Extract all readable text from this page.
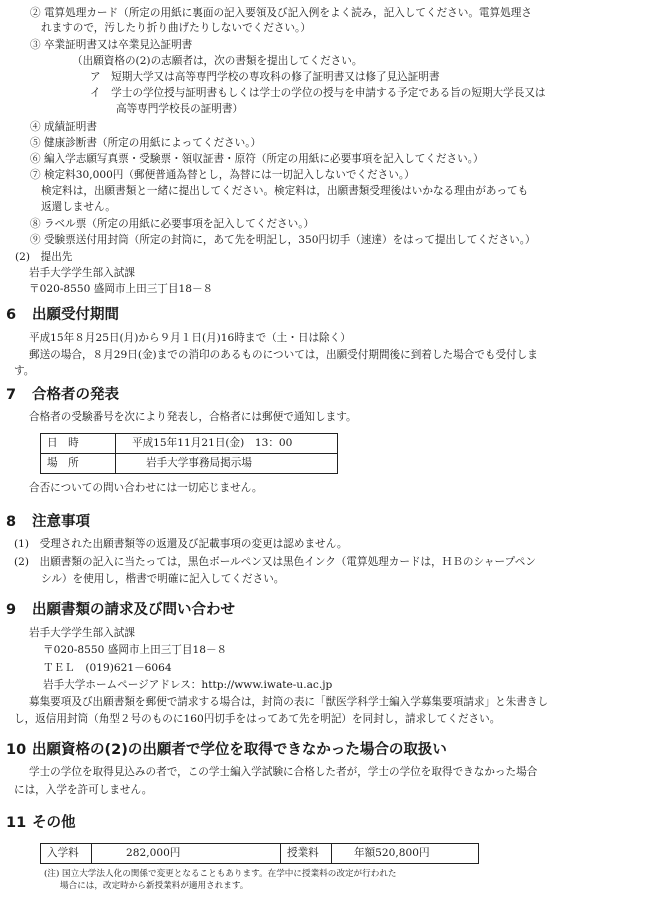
② 電算処理カード（所定の用紙に裏面の記入要領及び記入例をよく読み，記入してください。電算処理さ
れますので，汚したり折り曲げたりしないでください。）
③ 卒業証明書又は卒業見込証明書
（出願資格の(2)の志願者は，次の書類を提出してください。
ア　短期大学又は高等専門学校の専攻科の修了証明書又は修了見込証明書
イ　学士の学位授与証明書もしくは学士の学位の授与を申請する予定である旨の短期大学長又は
高等専門学校長の証明書）
④ 成績証明書
⑤ 健康診断書（所定の用紙によってください。）
⑥ 編入学志願写真票・受験票・領収証書・原符（所定の用紙に必要事項を記入してください。）
⑦ 検定料30,000円（郵便普通為替とし，為替には一切記入しないでください。）
検定料は，出願書類と一緒に提出してください。検定料は，出願書類受理後はいかなる理由があっても
返還しません。
⑧ ラベル票（所定の用紙に必要事項を記入してください。）
⑨ 受験票送付用封筒（所定の封筒に，あて先を明記し，350円切手（速達）をはって提出してください。）
(2)　提出先
岩手大学学生部入試課
〒020-8550 盛岡市上田三丁目18－８
6 出願受付期間
平成15年８月25日(月)から９月１日(月)16時まで（土・日は除く）
郵送の場合，８月29日(金)までの消印のあるものについては，出願受付期間後に到着した場合でも受付しま
す。
7 合格者の発表
合格者の受験番号を次により発表し，合格者には郵便で通知します。
日　時	平成15年11月21日(金)　13：00
場　所	岩手大学事務局掲示場
合否についての問い合わせには一切応じません。
8 注意事項
(1)　受理された出願書類等の返還及び記載事項の変更は認めません。
(2)　出願書類の記入に当たっては，黒色ボールペン又は黒色インク（電算処理カードは，ＨＢのシャープペン
シル）を使用し，楷書で明確に記入してください。
9 出願書類の請求及び問い合わせ
岩手大学学生部入試課
〒020-8550 盛岡市上田三丁目18－８
ＴＥＬ　(019)621－6064
岩手大学ホームページアドレス：http://www.iwate-u.ac.jp
募集要項及び出願書類を郵便で請求する場合は，封筒の表に「獣医学科学士編入学募集要項請求」と朱書きし
し，返信用封筒（角型２号のものに160円切手をはってあて先を明記）を同封し，請求してください。
10 出願資格の(2)の出願者で学位を取得できなかった場合の取扱い
学士の学位を取得見込みの者で，この学士編入学試験に合格した者が，学士の学位を取得できなかった場合
には，入学を許可しません。
11 その他
入学料	282,000円	授業料	年額520,800円
(注) 国立大学法人化の関係で変更となることもあります。在学中に授業料の改定が行われた
場合には，改定時から新授業料が適用されます。
